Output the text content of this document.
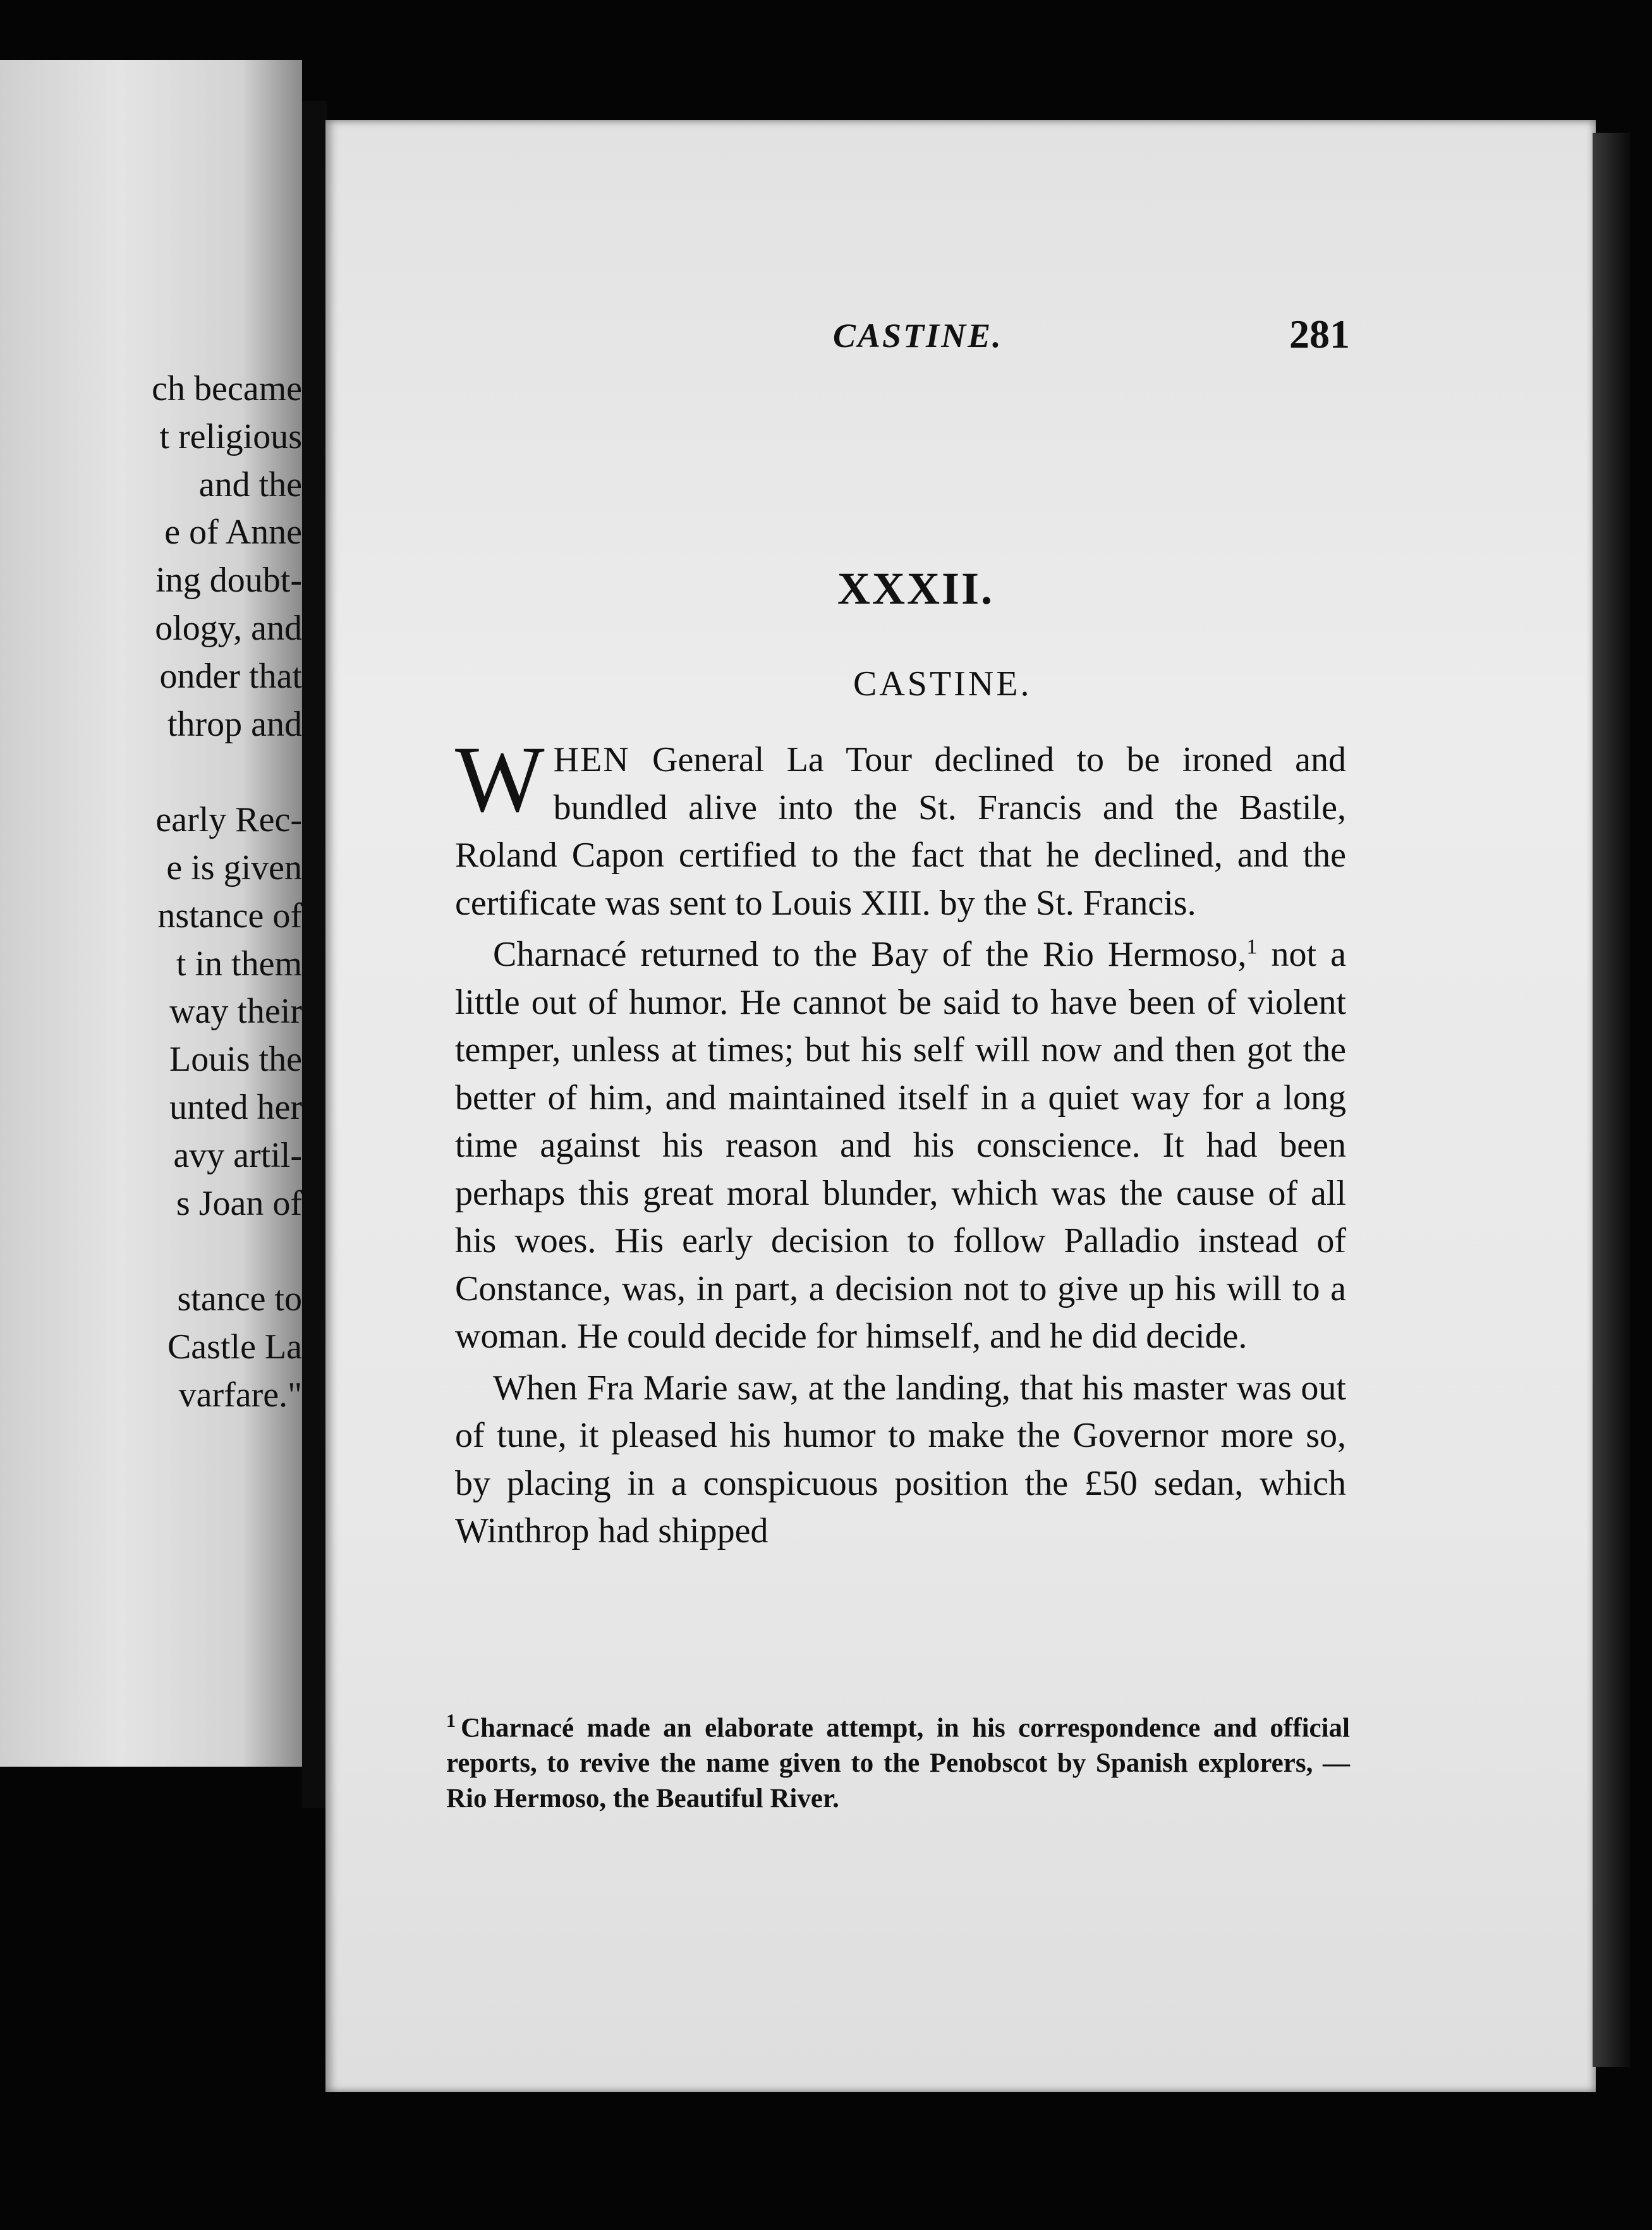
ch became
t religious
and the
e of Anne
ing doubt-
ology, and
onder that
throp and
early Rec-
e is given
nstance of
t in them
way their
Louis the
unted her
avy artil-
s Joan of
stance to
Castle La
varfare."
CASTINE.	281
XXXII.
CASTINE.

WHEN General La Tour declined to be ironed and bundled alive into the St. Francis and the Bastile, Roland Capon certified to the fact that he declined, and the certificate was sent to Louis XIII. by the St. Francis.

Charnacé returned to the Bay of the Rio Hermoso,$^1$ not a little out of humor. He cannot be said to have been of violent temper, unless at times; but his self will now and then got the better of him, and maintained itself in a quiet way for a long time against his reason and his conscience. It had been perhaps this great moral blunder, which was the cause of all his woes. His early decision to follow Palladio instead of Constance, was, in part, a decision not to give up his will to a woman. He could decide for himself, and he did decide.

When Fra Marie saw, at the landing, that his master was out of tune, it pleased his humor to make the Governor more so, by placing in a conspicuous position the £50 sedan, which Winthrop had shipped

$^1$ Charnacé made an elaborate attempt, in his correspondence and official reports, to revive the name given to the Penobscot by Spanish explorers, — Rio Hermoso, the Beautiful River.
